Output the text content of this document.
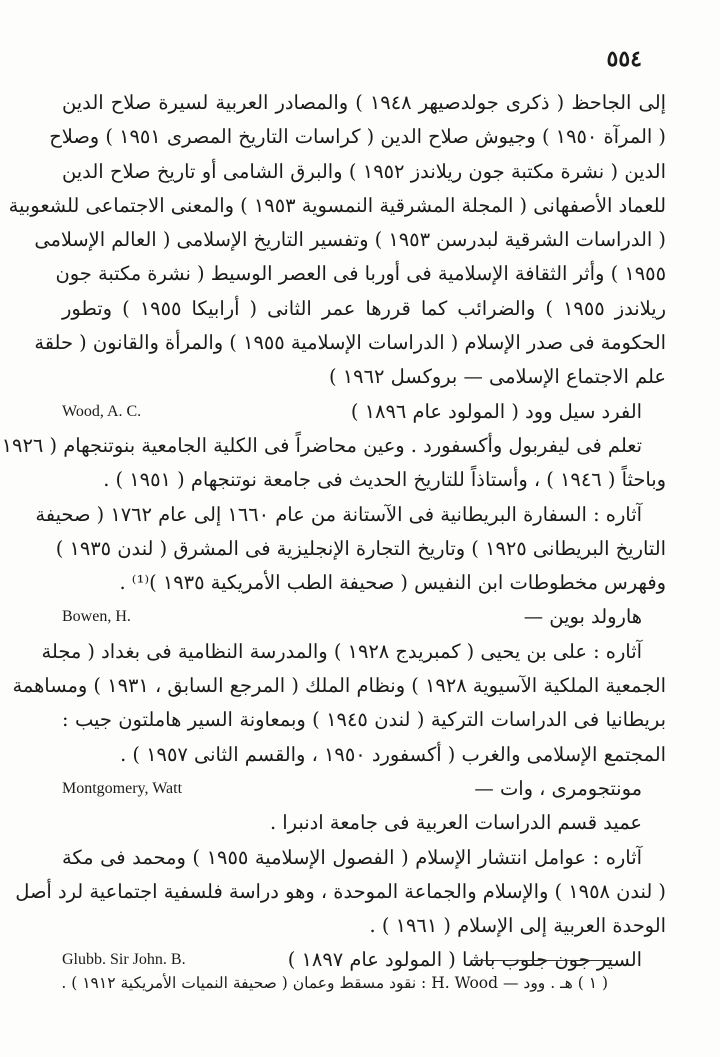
٥٥٤
إلى الجاحظ ( ذكرى جولدصيهر ١٩٤٨ ) والمصادر العربية لسيرة صلاح الدين
( المرآة ١٩٥٠ ) وجيوش صلاح الدين ( كراسات التاريخ المصرى ١٩٥١ ) وصلاح
الدين ( نشرة مكتبة جون ريلاندز ١٩٥٢ ) والبرق الشامى أو تاريخ صلاح الدين
للعماد الأصفهانى ( المجلة المشرقية النمسوية ١٩٥٣ ) والمعنى الاجتماعى للشعوبية
( الدراسات الشرقية لبدرسن ١٩٥٣ ) وتفسير التاريخ الإسلامى ( العالم الإسلامى
١٩٥٥ ) وأثر الثقافة الإسلامية فى أوربا فى العصر الوسيط ( نشرة مكتبة جون
ريلاندز ١٩٥٥ ) والضرائب كما قررها عمر الثانى ( أرابيكا ١٩٥٥ ) وتطور
الحكومة فى صدر الإسلام ( الدراسات الإسلامية ١٩٥٥ ) والمرأة والقانون ( حلقة
علم الاجتماع الإسلامى — بروكسل ١٩٦٢ )
الفرد سيل وود ( المولود عام ١٨٩٦ )
Wood, A. C.
تعلم فى ليفربول وأكسفورد . وعين محاضراً فى الكلية الجامعية بنوتنجهام ( ١٩٢٦
وباحثاً ( ١٩٤٦ ) ، وأستاذاً للتاريخ الحديث فى جامعة نوتنجهام ( ١٩٥١ ) .
آثاره : السفارة البريطانية فى الآستانة من عام ١٦٦٠ إلى عام ١٧٦٢ ( صحيفة
التاريخ البريطانى ١٩٢٥ ) وتاريخ التجارة الإنجليزية فى المشرق ( لندن ١٩٣٥ )
وفهرس مخطوطات ابن النفيس ( صحيفة الطب الأمريكية ١٩٣٥ )⁽¹⁾ .
هارولد بوين —
Bowen, H.
آثاره : على بن يحيى ( كمبريدج ١٩٢٨ ) والمدرسة النظامية فى بغداد ( مجلة
الجمعية الملكية الآسيوية ١٩٢٨ ) ونظام الملك ( المرجع السابق ، ١٩٣١ ) ومساهمة
بريطانيا فى الدراسات التركية ( لندن ١٩٤٥ ) وبمعاونة السير هاملتون جيب :
المجتمع الإسلامى والغرب ( أكسفورد ١٩٥٠ ، والقسم الثانى ١٩٥٧ ) .
مونتجومرى ، وات —
Montgomery, Watt
عميد قسم الدراسات العربية فى جامعة ادنبرا .
آثاره : عوامل انتشار الإسلام ( الفصول الإسلامية ١٩٥٥ ) ومحمد فى مكة
( لندن ١٩٥٨ ) والإسلام والجماعة الموحدة ، وهو دراسة فلسفية اجتماعية لرد أصل
الوحدة العربية إلى الإسلام ( ١٩٦١ ) .
السير جون جلوب باشا ( المولود عام ١٨٩٧ )
Glubb. Sir John. B.
( ١ ) هـ . وود — H. Wood : نقود مسقط وعمان ( صحيفة النميات الأمريكية ١٩١٢ ) .
